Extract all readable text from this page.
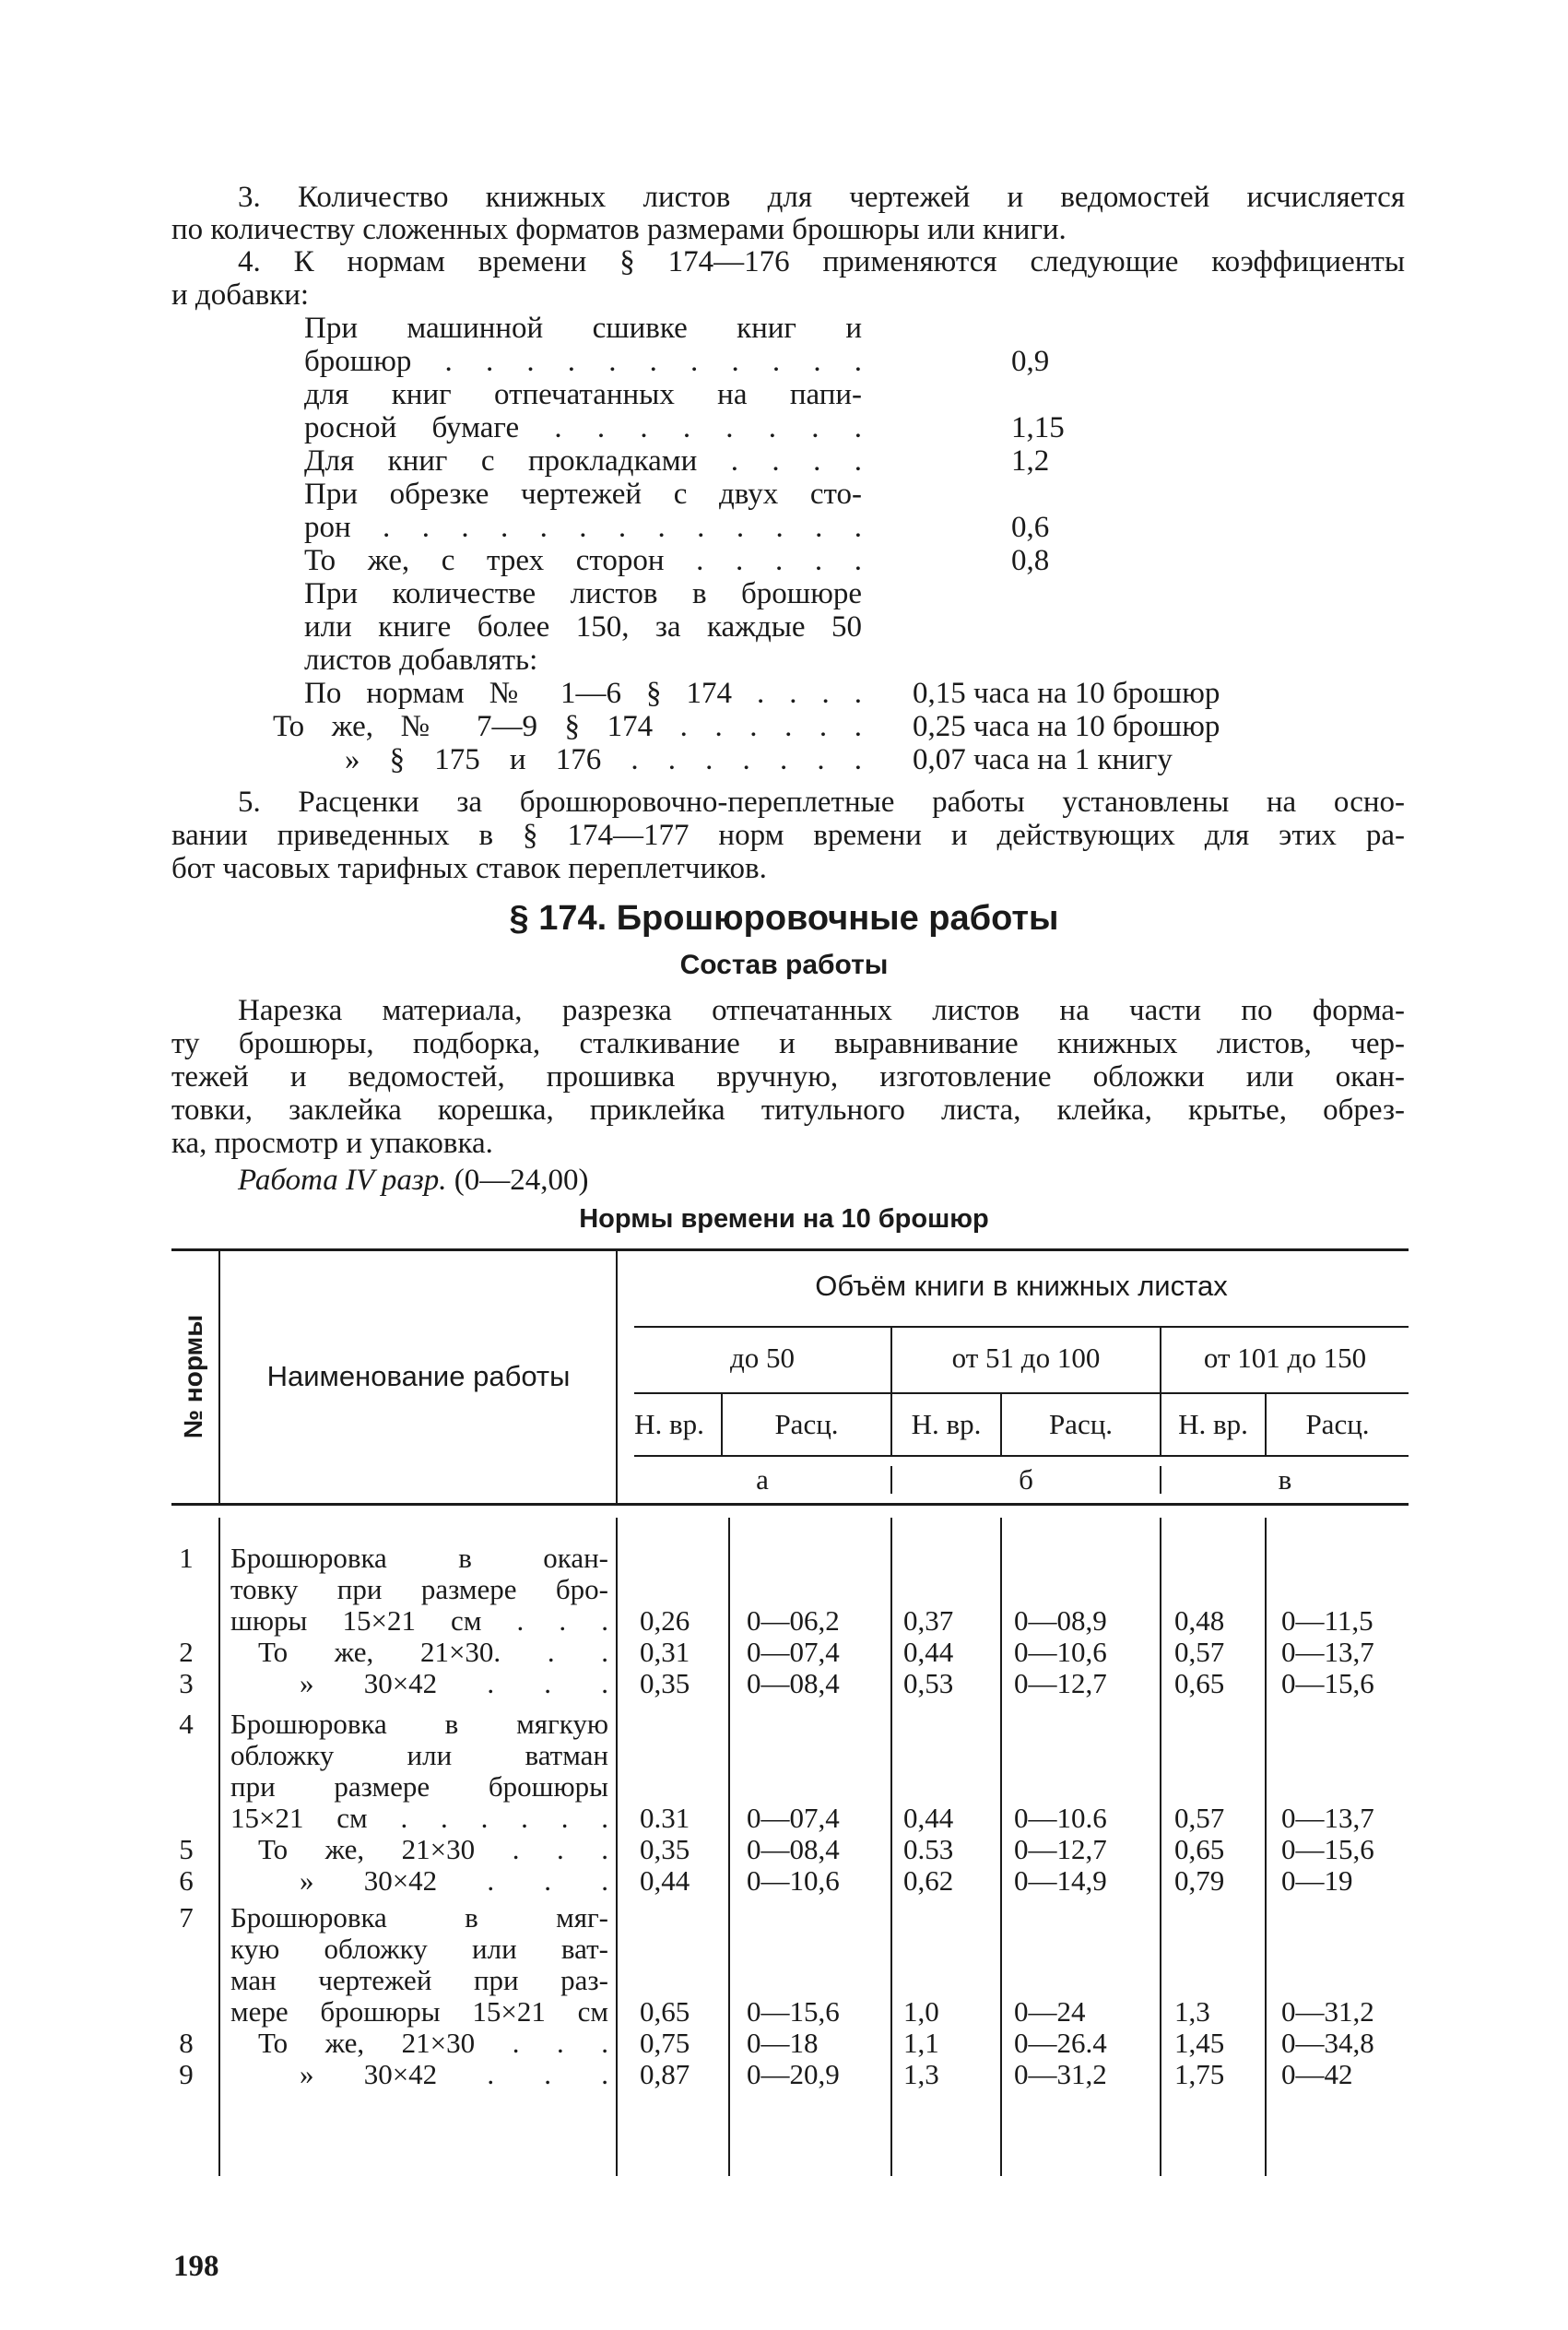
3. Количество книжных листов для чертежей и ведомостей исчисляется
по количеству сложенных форматов размерами брошюры или книги.
4. К нормам времени § 174—176 применяются следующие коэффициенты
и добавки:
При машинной сшивке книг и
брошюр . . . . . . . . . . .	0,9
для книг отпечатанных на папи-
росной бумаге . . . . . . . .	1,15
Для книг с прокладками . . . .	1,2
При обрезке чертежей с двух сто-
рон . . . . . . . . . . . . .	0,6
То же, с трех сторон . . . . .	0,8
При количестве листов в брошюре
или книге более 150, за каждые 50
листов добавлять:
По нормам № 1—6 § 174 . . . . 0,15 часа на 10 брошюр
То же, № 7—9 § 174 . . . . . . 0,25 часа на 10 брошюр
» § 175 и 176 . . . . . . . 0,07 часа на 1 книгу
5. Расценки за брошюровочно-переплетные работы установлены на осно-
вании приведенных в § 174—177 норм времени и действующих для этих ра-
бот часовых тарифных ставок переплетчиков.
§ 174. Брошюровочные работы
Состав работы
Нарезка материала, разрезка отпечатанных листов на части по форма-
ту брошюры, подборка, сталкивание и выравнивание книжных листов, чер-
тежей и ведомостей, прошивка вручную, изготовление обложки или окан-
товки, заклейка корешка, приклейка титульного листа, клейка, крытье, обрез-
ка, просмотр и упаковка.
Работа IV разр. (0—24,00)
Нормы времени на 10 брошюр
№ нормы	Наименование работы
Объём книги в книжных листах
до 50	от 51 до 100	от 101 до 150
Н. вр.	Расц.	Н. вр.	Расц.	Н. вр.	Расц.
а	б	в
1 Брошюровка в окан-
товку при размере бро-
шюры 15×21 см . . . 0,26 0—06,2 0,37 0—08,9 0,48 0—11,5
2 То же, 21×30. . . 0,31 0—07,4 0,44 0—10,6 0,57 0—13,7
3	» 30×42 . . . 0,35 0—08,4 0,53 0—12,7 0,65 0—15,6
4 Брошюровка в мягкую
обложку или ватман
при размере брошюры
15×21 см . . . . . . 0.31 0—07,4 0,44 0—10.6 0,57 0—13,7
5 То же, 21×30 . . . 0,35 0—08,4 0.53 0—12,7 0,65 0—15,6
6	» 30×42 . . . 0,44 0—10,6 0,62 0—14,9 0,79 0—19
7 Брошюровка в мяг-
кую обложку или ват-
ман чертежей при раз-
мере брошюры 15×21 см 0,65 0—15,6 1,0	0—24	1,3 0—31,2
8 То же, 21×30 . . . 0,75 0—18	1,1	0—26.4 1,45 0—34,8
9	» 30×42 . . . 0,87 0—20,9 1,3	0—31,2 1,75 0—42
198
